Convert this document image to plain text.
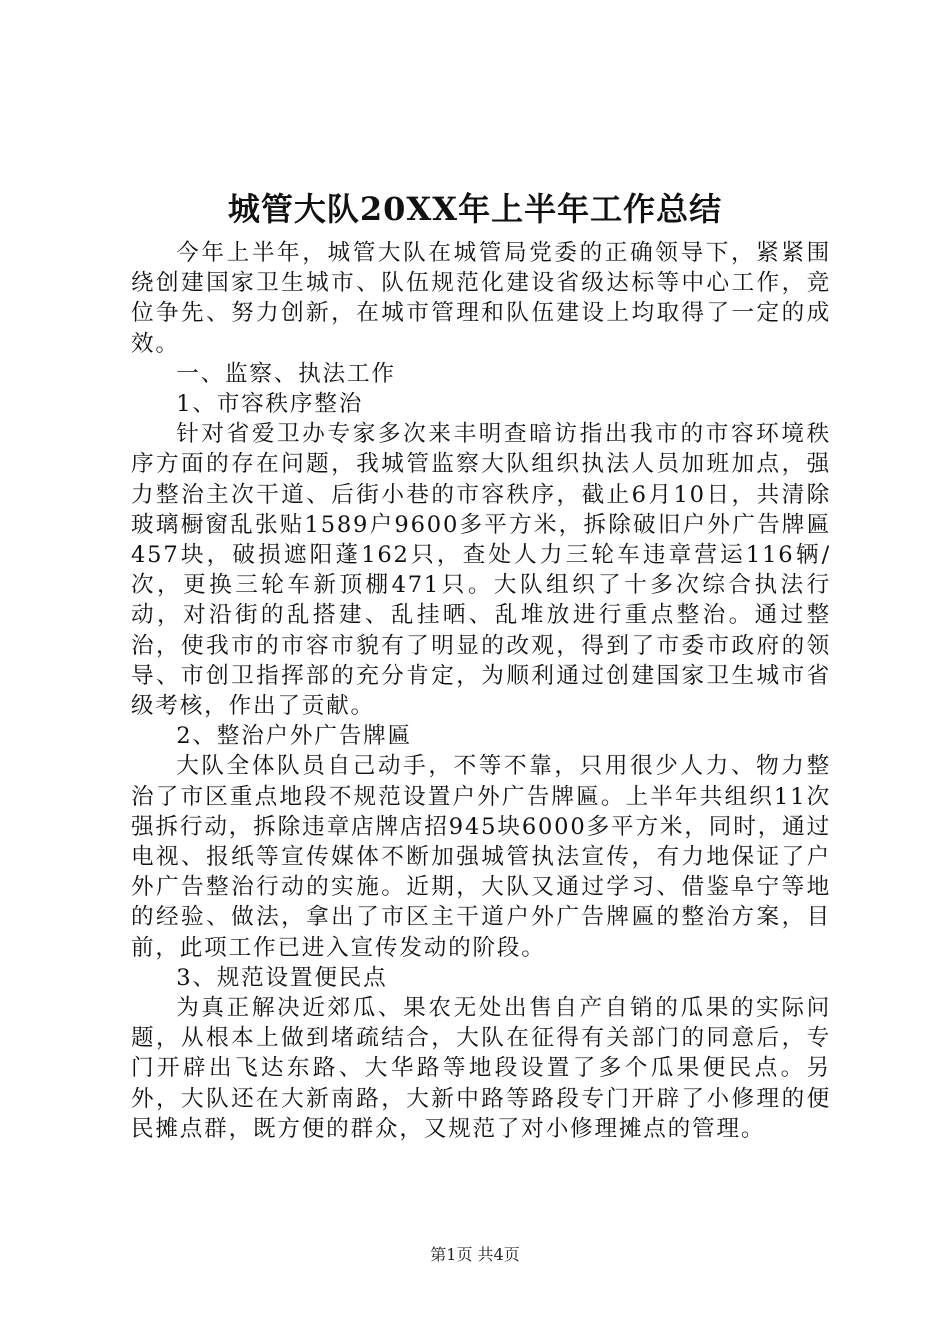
城管大队20XX年上半年工作总结

今年上半年，城管大队在城管局党委的正确领导下，紧紧围绕创建国家卫生城市、队伍规范化建设省级达标等中心工作，竞位争先、努力创新，在城市管理和队伍建设上均取得了一定的成效。

一、监察、执法工作

1、市容秩序整治

针对省爱卫办专家多次来丰明查暗访指出我市的市容环境秩序方面的存在问题，我城管监察大队组织执法人员加班加点，强力整治主次干道、后街小巷的市容秩序，截止6月10日，共清除玻璃橱窗乱张贴1589户9600多平方米，拆除破旧户外广告牌匾457块，破损遮阳蓬162只，查处人力三轮车违章营运116辆/次，更换三轮车新顶棚471只。大队组织了十多次综合执法行动，对沿街的乱搭建、乱挂晒、乱堆放进行重点整治。通过整治，使我市的市容市貌有了明显的改观，得到了市委市政府的领导、市创卫指挥部的充分肯定，为顺利通过创建国家卫生城市省级考核，作出了贡献。

2、整治户外广告牌匾

大队全体队员自己动手，不等不靠，只用很少人力、物力整治了市区重点地段不规范设置户外广告牌匾。上半年共组织11次强拆行动，拆除违章店牌店招945块6000多平方米，同时，通过电视、报纸等宣传媒体不断加强城管执法宣传，有力地保证了户外广告整治行动的实施。近期，大队又通过学习、借鉴阜宁等地的经验、做法，拿出了市区主干道户外广告牌匾的整治方案，目前，此项工作已进入宣传发动的阶段。

3、规范设置便民点

为真正解决近郊瓜、果农无处出售自产自销的瓜果的实际问题，从根本上做到堵疏结合，大队在征得有关部门的同意后，专门开辟出飞达东路、大华路等地段设置了多个瓜果便民点。另外，大队还在大新南路，大新中路等路段专门开辟了小修理的便民摊点群，既方便的群众，又规范了对小修理摊点的管理。

第1页 共4页
